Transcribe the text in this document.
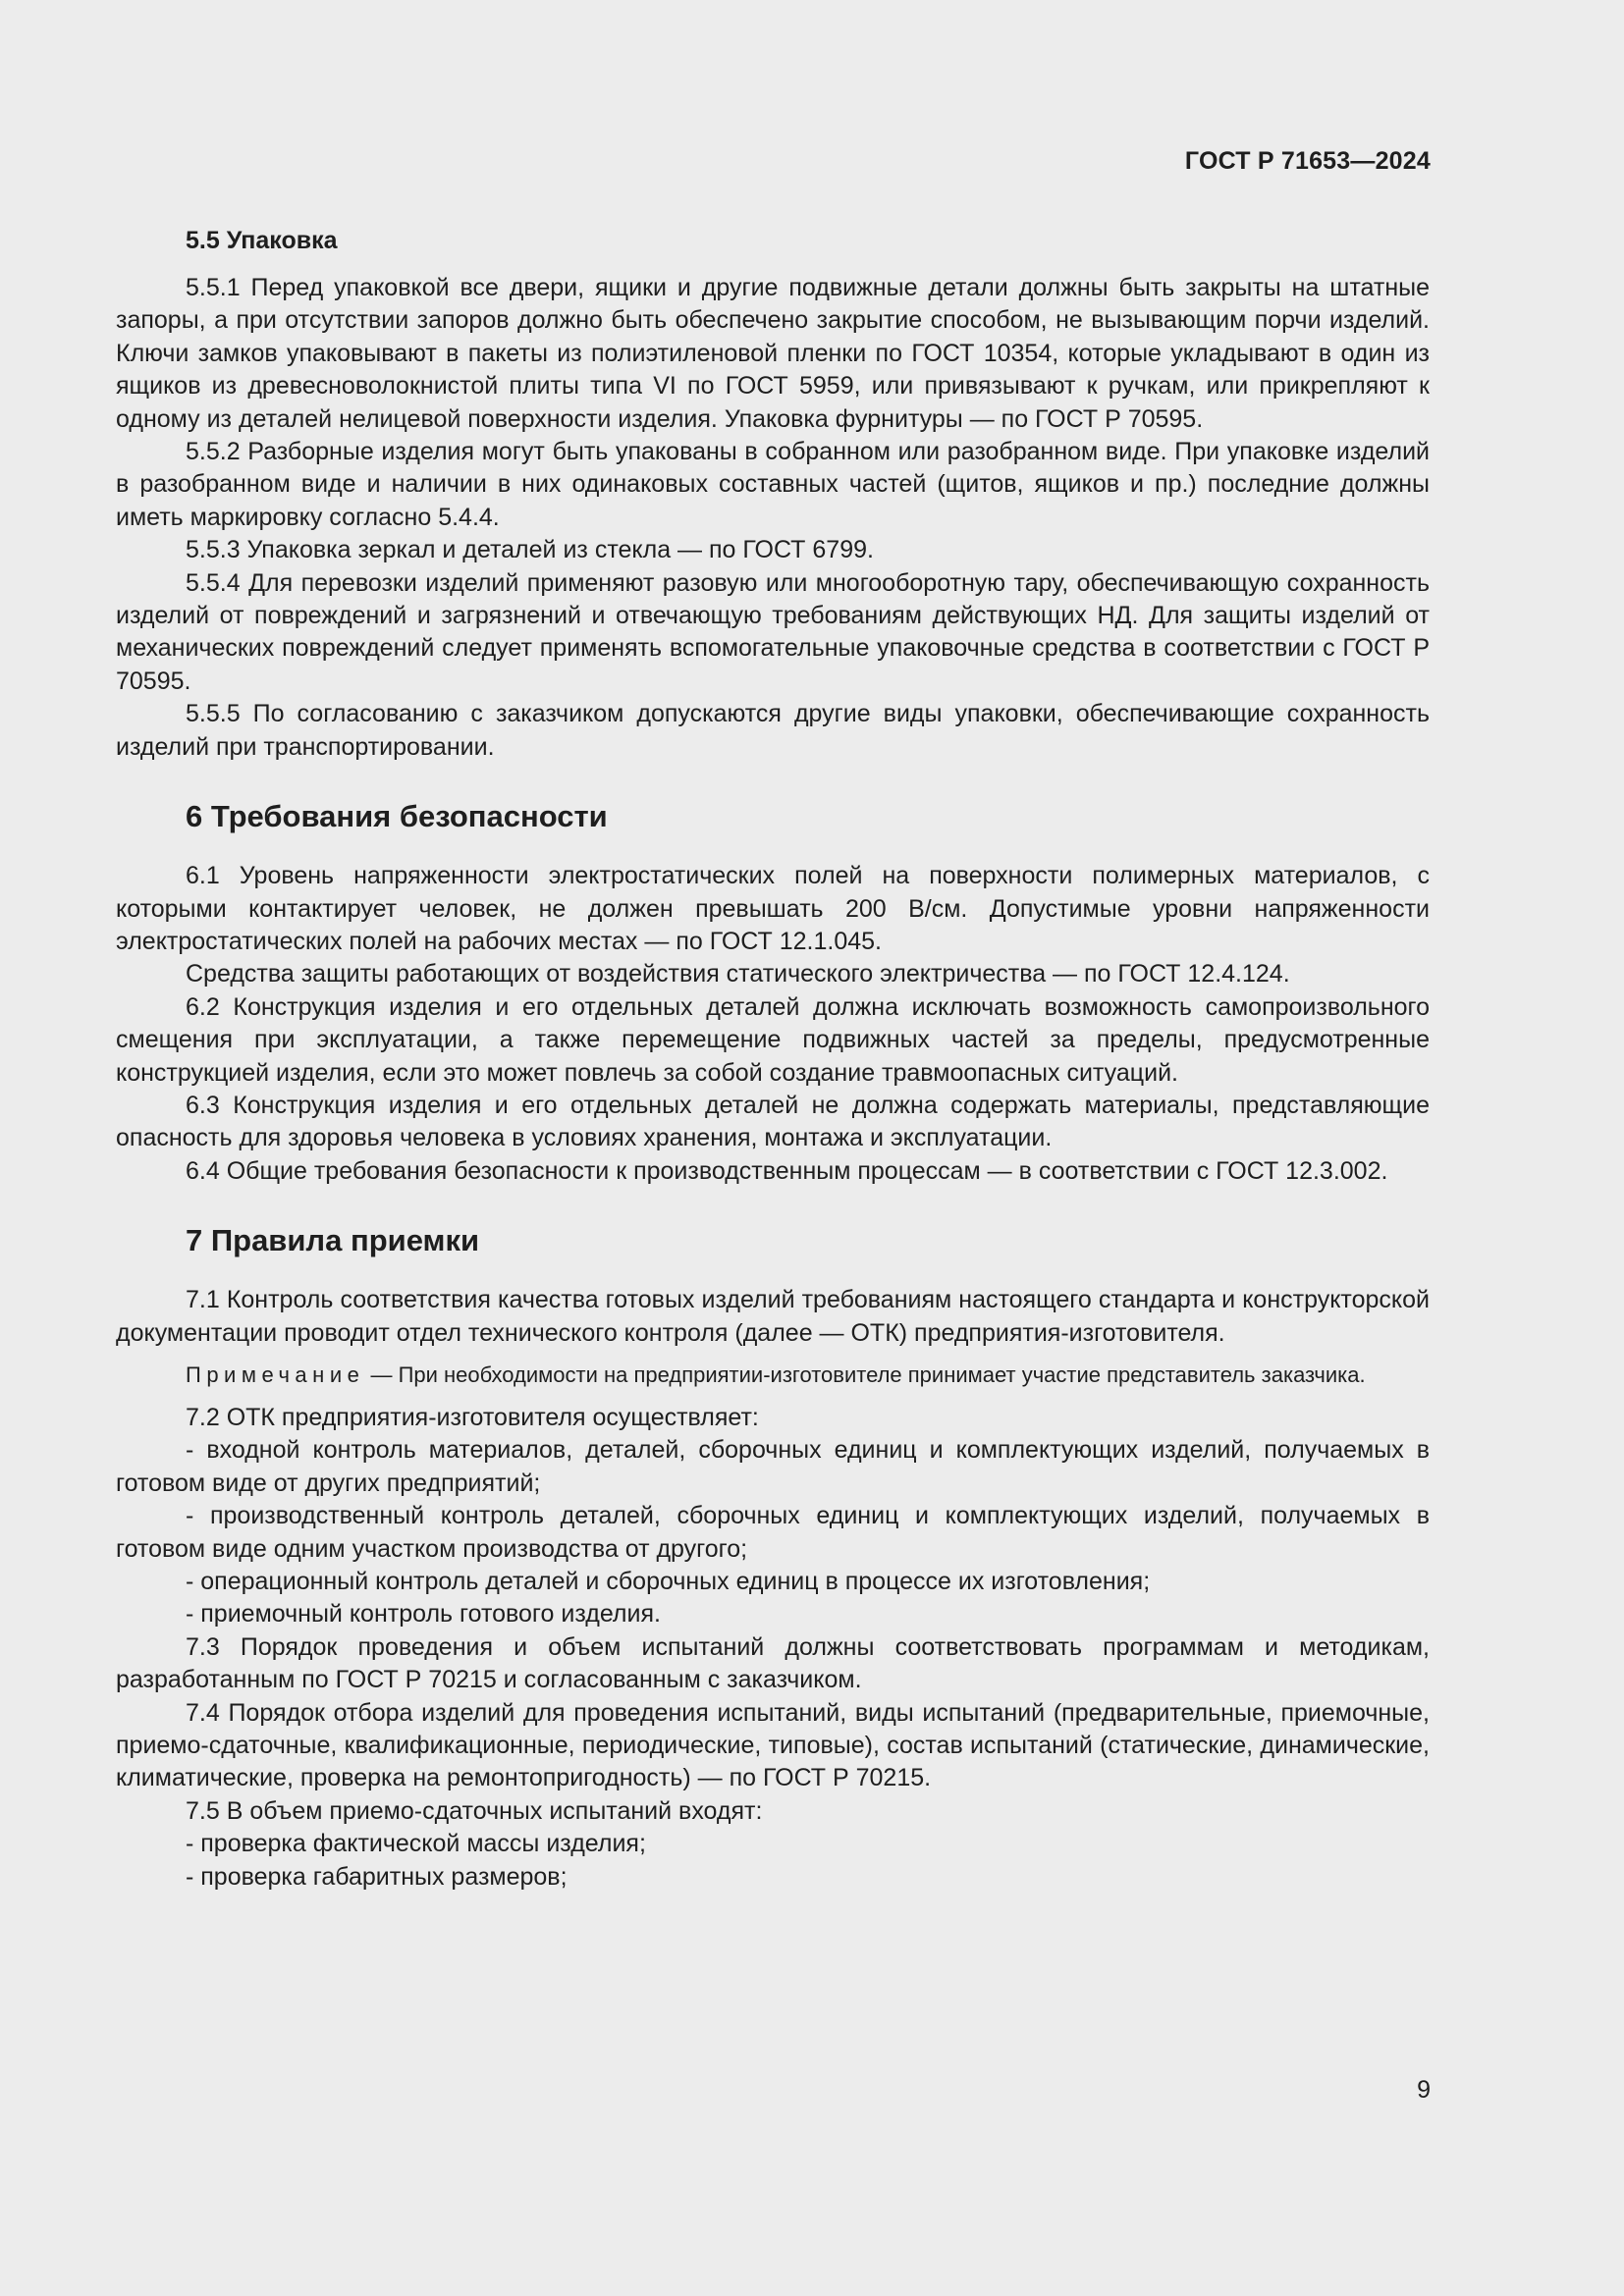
ГОСТ Р 71653—2024
5.5 Упаковка

5.5.1 Перед упаковкой все двери, ящики и другие подвижные детали должны быть закрыты на штатные запоры, а при отсутствии запоров должно быть обеспечено закрытие способом, не вызывающим порчи изделий. Ключи замков упаковывают в пакеты из полиэтиленовой пленки по ГОСТ 10354, которые укладывают в один из ящиков из древесноволокнистой плиты типа VI по ГОСТ 5959, или привязывают к ручкам, или прикрепляют к одному из деталей нелицевой поверхности изделия. Упаковка фурнитуры — по ГОСТ Р 70595.

5.5.2 Разборные изделия могут быть упакованы в собранном или разобранном виде. При упаковке изделий в разобранном виде и наличии в них одинаковых составных частей (щитов, ящиков и пр.) последние должны иметь маркировку согласно 5.4.4.

5.5.3 Упаковка зеркал и деталей из стекла — по ГОСТ 6799.

5.5.4 Для перевозки изделий применяют разовую или многооборотную тару, обеспечивающую сохранность изделий от повреждений и загрязнений и отвечающую требованиям действующих НД. Для защиты изделий от механических повреждений следует применять вспомогательные упаковочные средства в соответствии с ГОСТ Р 70595.

5.5.5 По согласованию с заказчиком допускаются другие виды упаковки, обеспечивающие сохранность изделий при транспортировании.

6 Требования безопасности

6.1 Уровень напряженности электростатических полей на поверхности полимерных материалов, с которыми контактирует человек, не должен превышать 200 В/см. Допустимые уровни напряженности электростатических полей на рабочих местах — по ГОСТ 12.1.045.

Средства защиты работающих от воздействия статического электричества — по ГОСТ 12.4.124.

6.2 Конструкция изделия и его отдельных деталей должна исключать возможность самопроизвольного смещения при эксплуатации, а также перемещение подвижных частей за пределы, предусмотренные конструкцией изделия, если это может повлечь за собой создание травмоопасных ситуаций.

6.3 Конструкция изделия и его отдельных деталей не должна содержать материалы, представляющие опасность для здоровья человека в условиях хранения, монтажа и эксплуатации.

6.4 Общие требования безопасности к производственным процессам — в соответствии с ГОСТ 12.3.002.

7 Правила приемки

7.1 Контроль соответствия качества готовых изделий требованиям настоящего стандарта и конструкторской документации проводит отдел технического контроля (далее — ОТК) предприятия-изготовителя.

Примечание — При необходимости на предприятии-изготовителе принимает участие представитель заказчика.

7.2 ОТК предприятия-изготовителя осуществляет:

- входной контроль материалов, деталей, сборочных единиц и комплектующих изделий, получаемых в готовом виде от других предприятий;

- производственный контроль деталей, сборочных единиц и комплектующих изделий, получаемых в готовом виде одним участком производства от другого;

- операционный контроль деталей и сборочных единиц в процессе их изготовления;

- приемочный контроль готового изделия.

7.3 Порядок проведения и объем испытаний должны соответствовать программам и методикам, разработанным по ГОСТ Р 70215 и согласованным с заказчиком.

7.4 Порядок отбора изделий для проведения испытаний, виды испытаний (предварительные, приемочные, приемо-сдаточные, квалификационные, периодические, типовые), состав испытаний (статические, динамические, климатические, проверка на ремонтопригодность) — по ГОСТ Р 70215.

7.5 В объем приемо-сдаточных испытаний входят:

- проверка фактической массы изделия;

- проверка габаритных размеров;

9
